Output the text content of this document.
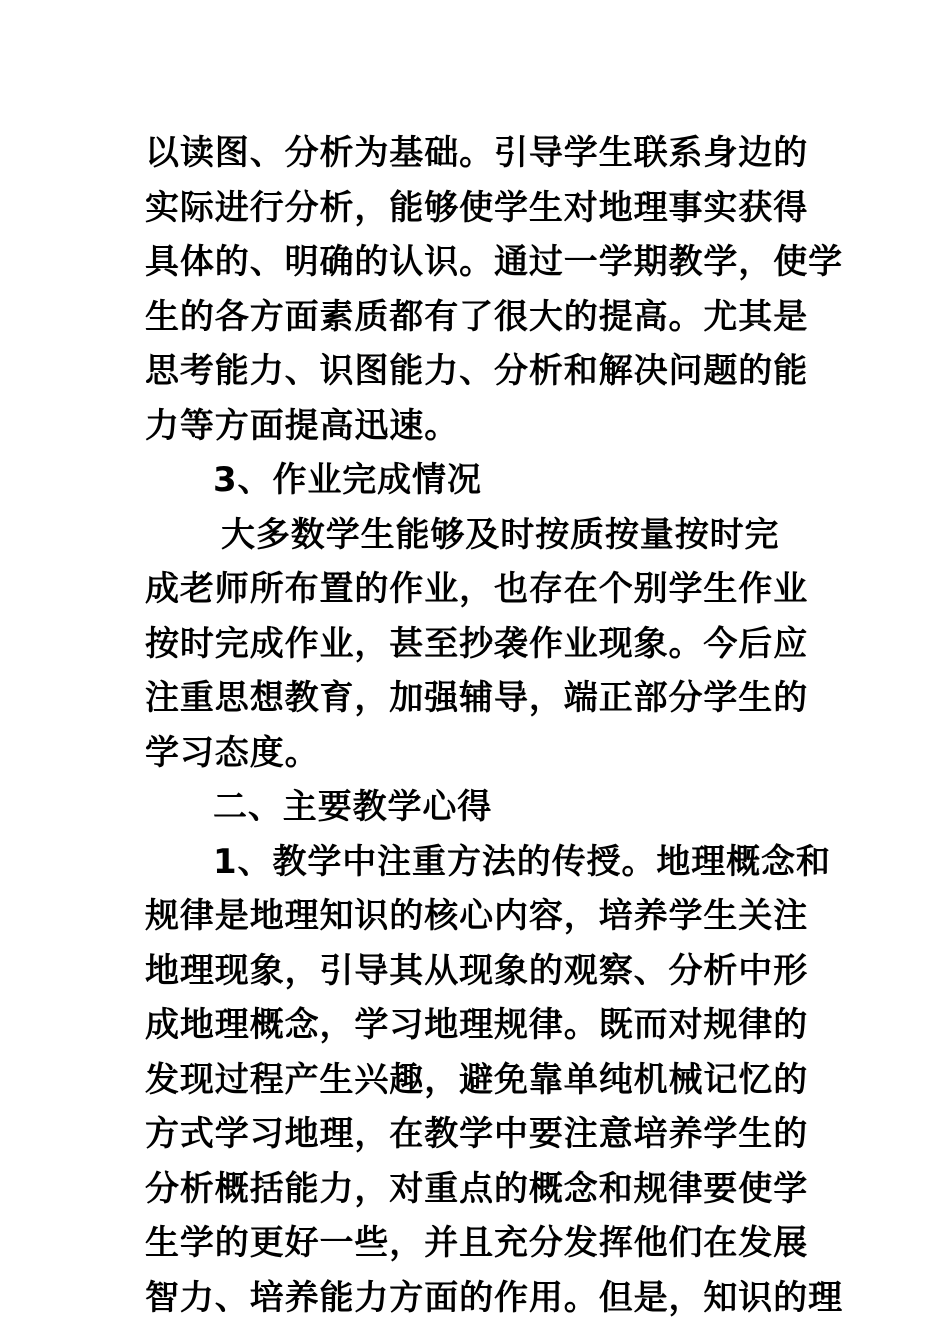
以读图、分析为基础。引导学生联系身边的
实际进行分析，能够使学生对地理事实获得
具体的、明确的认识。通过一学期教学，使学
生的各方面素质都有了很大的提高。尤其是
思考能力、识图能力、分析和解决问题的能
力等方面提高迅速。
3、作业完成情况
大多数学生能够及时按质按量按时完
成老师所布置的作业，也存在个别学生作业
按时完成作业，甚至抄袭作业现象。今后应
注重思想教育，加强辅导，端正部分学生的
学习态度。
二、主要教学心得
1、教学中注重方法的传授。地理概念和
规律是地理知识的核心内容，培养学生关注
地理现象，引导其从现象的观察、分析中形
成地理概念，学习地理规律。既而对规律的
发现过程产生兴趣，避免靠单纯机械记忆的
方式学习地理，在教学中要注意培养学生的
分析概括能力，对重点的概念和规律要使学
生学的更好一些，并且充分发挥他们在发展
智力、培养能力方面的作用。但是，知识的理
